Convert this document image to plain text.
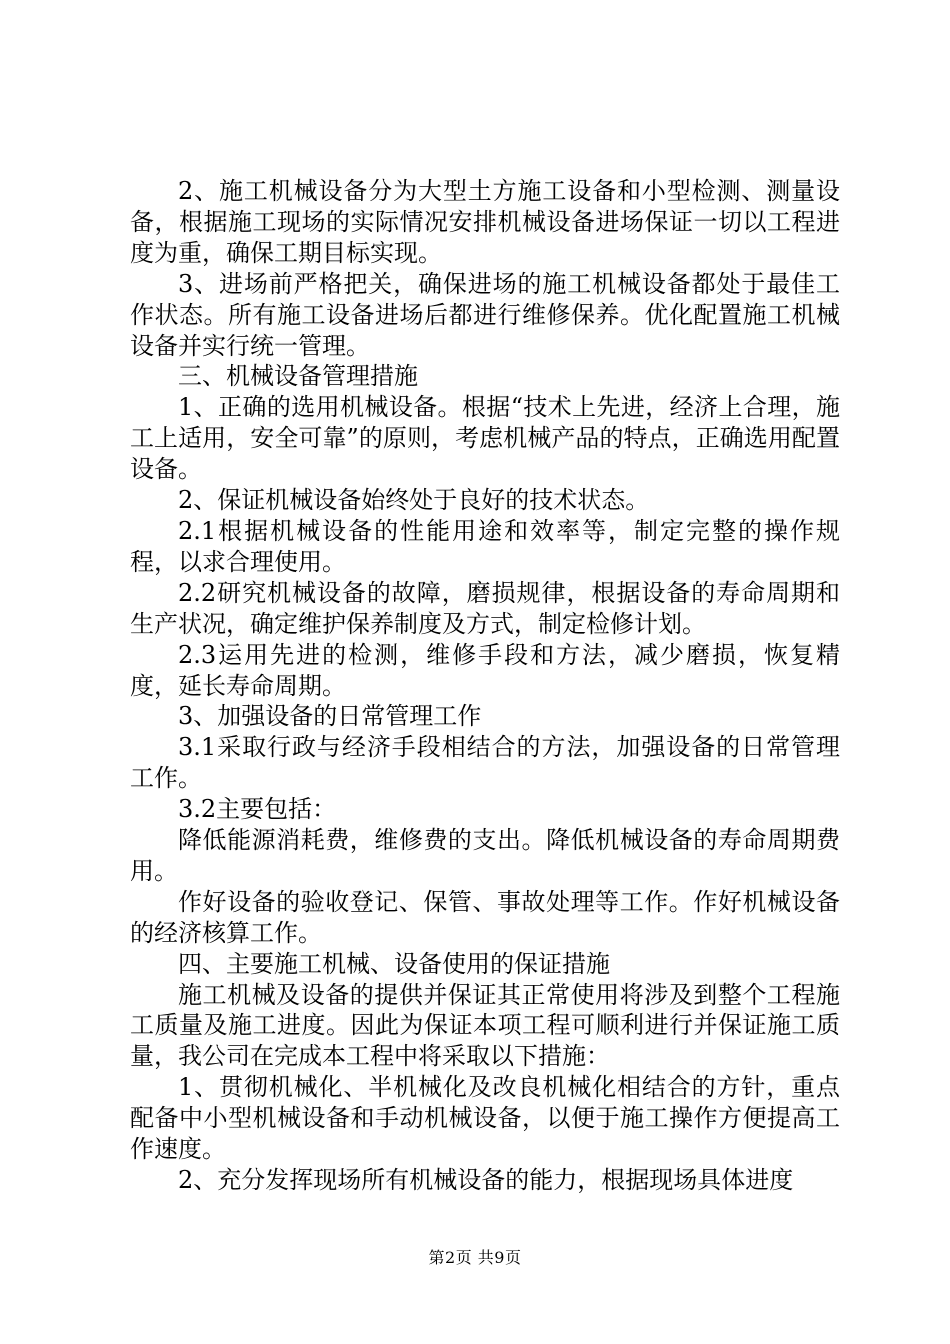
2、施工机械设备分为大型土方施工设备和小型检测、测量设备，根据施工现场的实际情况安排机械设备进场保证一切以工程进度为重，确保工期目标实现。

3、进场前严格把关，确保进场的施工机械设备都处于最佳工作状态。所有施工设备进场后都进行维修保养。优化配置施工机械设备并实行统一管理。

三、机械设备管理措施

1、正确的选用机械设备。根据“技术上先进，经济上合理，施工上适用，安全可靠”的原则，考虑机械产品的特点，正确选用配置设备。

2、保证机械设备始终处于良好的技术状态。

2.1根据机械设备的性能用途和效率等，制定完整的操作规程，以求合理使用。

2.2研究机械设备的故障，磨损规律，根据设备的寿命周期和生产状况，确定维护保养制度及方式，制定检修计划。

2.3运用先进的检测，维修手段和方法，减少磨损，恢复精度，延长寿命周期。

3、加强设备的日常管理工作

3.1采取行政与经济手段相结合的方法，加强设备的日常管理工作。

3.2主要包括：

降低能源消耗费，维修费的支出。降低机械设备的寿命周期费用。

作好设备的验收登记、保管、事故处理等工作。作好机械设备的经济核算工作。

四、主要施工机械、设备使用的保证措施

施工机械及设备的提供并保证其正常使用将涉及到整个工程施工质量及施工进度。因此为保证本项工程可顺利进行并保证施工质量，我公司在完成本工程中将采取以下措施：

1、贯彻机械化、半机械化及改良机械化相结合的方针，重点配备中小型机械设备和手动机械设备，以便于施工操作方便提高工作速度。

2、充分发挥现场所有机械设备的能力，根据现场具体进度

第2页 共9页
